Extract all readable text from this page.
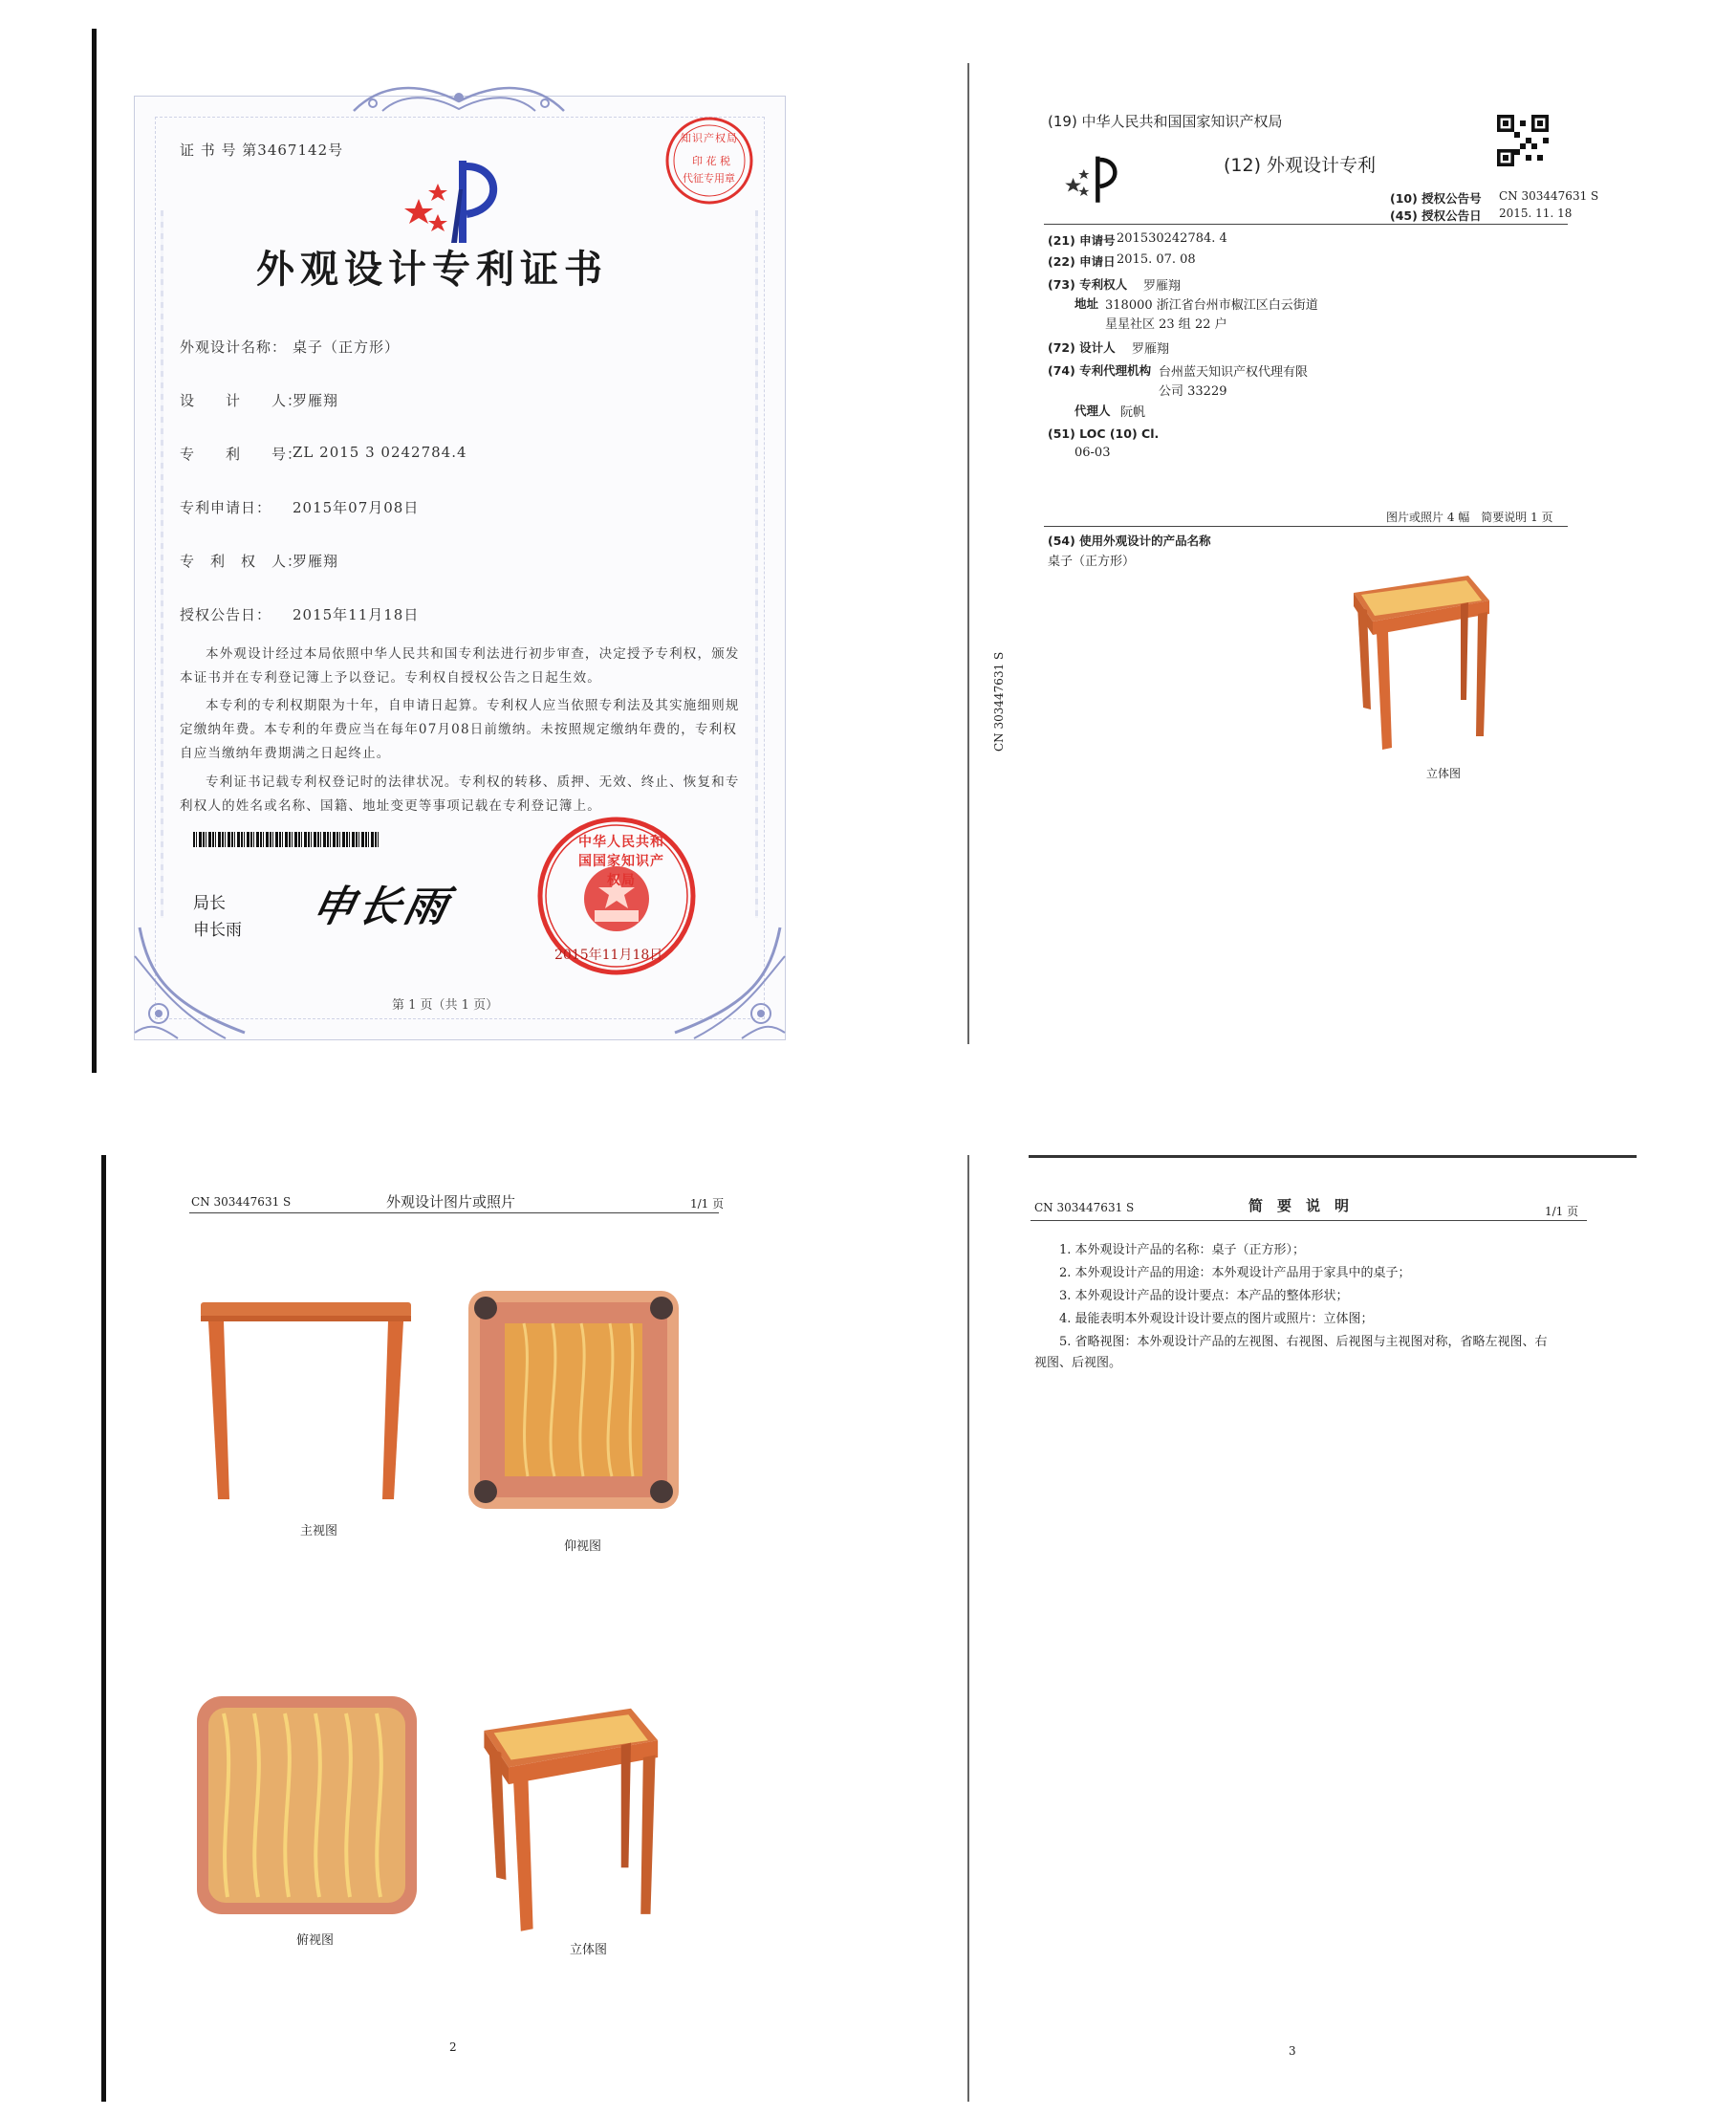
证 书 号 第3467142号
知识产权局
印 花 税
代征专用章
外观设计专利证书
外观设计名称： 桌子（正方形）
设　　计　　人：
罗雁翔
专　　利　　号：
ZL 2015 3 0242784.4
专利申请日： 2015年07月08日
专　利　权　人：
罗雁翔
授权公告日： 2015年11月18日
本外观设计经过本局依照中华人民共和国专利法进行初步审查，决定授予专利权，颁发本证书并在专利登记簿上予以登记。专利权自授权公告之日起生效。
本专利的专利权期限为十年，自申请日起算。专利权人应当依照专利法及其实施细则规定缴纳年费。本专利的年费应当在每年07月08日前缴纳。未按照规定缴纳年费的，专利权自应当缴纳年费期满之日起终止。
专利证书记载专利权登记时的法律状况。专利权的转移、质押、无效、终止、恢复和专利权人的姓名或名称、国籍、地址变更等事项记载在专利登记簿上。
局长
申长雨 申长雨
中华人民共和国国家知识产权局
2015年11月18日
第 1 页（共 1 页）
(19) 中华人民共和国国家知识产权局
(12) 外观设计专利
(10) 授权公告号 CN 303447631 S
(45) 授权公告日 2015. 11. 18
(21) 申请号 201530242784. 4
(22) 申请日 2015. 07. 08
(73) 专利权人 罗雁翔
地址 318000 浙江省台州市椒江区白云街道
星星社区 23 组 22 户
(72) 设计人 罗雁翔
(74) 专利代理机构 台州蓝天知识产权代理有限
公司 33229
代理人 阮帆
(51) LOC (10) Cl.
06-03
图片或照片 4 幅　简要说明 1 页
(54) 使用外观设计的产品名称
桌子（正方形）
立体图
CN 303447631 S
CN 303447631 S	外观设计图片或照片	1/1 页
主视图
仰视图
俯视图
立体图
2
CN 303447631 S	简　要　说　明	1/1 页
1. 本外观设计产品的名称：桌子（正方形）；
2. 本外观设计产品的用途：本外观设计产品用于家具中的桌子；
3. 本外观设计产品的设计要点：本产品的整体形状；
4. 最能表明本外观设计设计要点的图片或照片：立体图；
5. 省略视图：本外观设计产品的左视图、右视图、后视图与主视图对称，省略左视图、右
视图、后视图。
3
